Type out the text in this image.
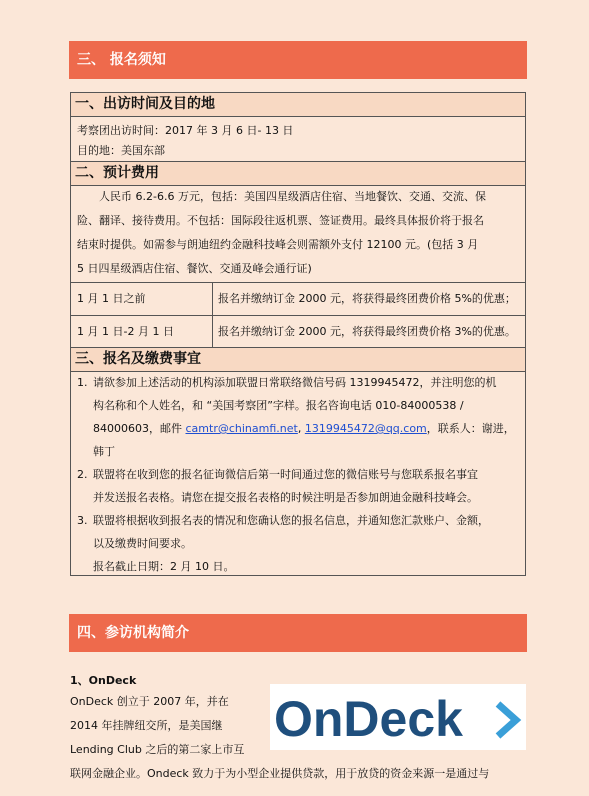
三、 报名须知
一、出访时间及目的地
考察团出访时间：2017 年 3 月 6 日- 13 日
目的地：美国东部
二、预计费用
人民币 6.2-6.6 万元，包括：美国四星级酒店住宿、当地餐饮、交通、交流、保
险、翻译、接待费用。不包括：国际段往返机票、签证费用。最终具体报价将于报名
结束时提供。如需参与朗迪纽约金融科技峰会则需额外支付 12100 元。(包括 3 月
5 日四星级酒店住宿、餐饮、交通及峰会通行证)
1 月 1 日之前	报名并缴纳订金 2000 元，将获得最终团费价格 5%的优惠；
1 月 1 日-2 月 1 日	报名并缴纳订金 2000 元，将获得最终团费价格 3%的优惠。
三、报名及缴费事宜
1. 请欲参加上述活动的机构添加联盟日常联络微信号码 1319945472，并注明您的机
构名称和个人姓名，和 “美国考察团”字样。报名咨询电话 010-84000538 /
84000603，邮件 camtr@chinamfi.net, 1319945472@qq.com，联系人：谢进，
韩丁
2. 联盟将在收到您的报名征询微信后第一时间通过您的微信账号与您联系报名事宜
并发送报名表格。请您在提交报名表格的时候注明是否参加朗迪金融科技峰会。
3. 联盟将根据收到报名表的情况和您确认您的报名信息，并通知您汇款账户、金额，
以及缴费时间要求。
报名截止日期：2 月 10 日。
四、参访机构简介
1、OnDeck
OnDeck 创立于 2007 年，并在
2014 年挂牌纽交所，是美国继
Lending Club 之后的第二家上市互
联网金融企业。Ondeck 致力于为小型企业提供贷款，用于放贷的资金来源一是通过与
OnDeck
